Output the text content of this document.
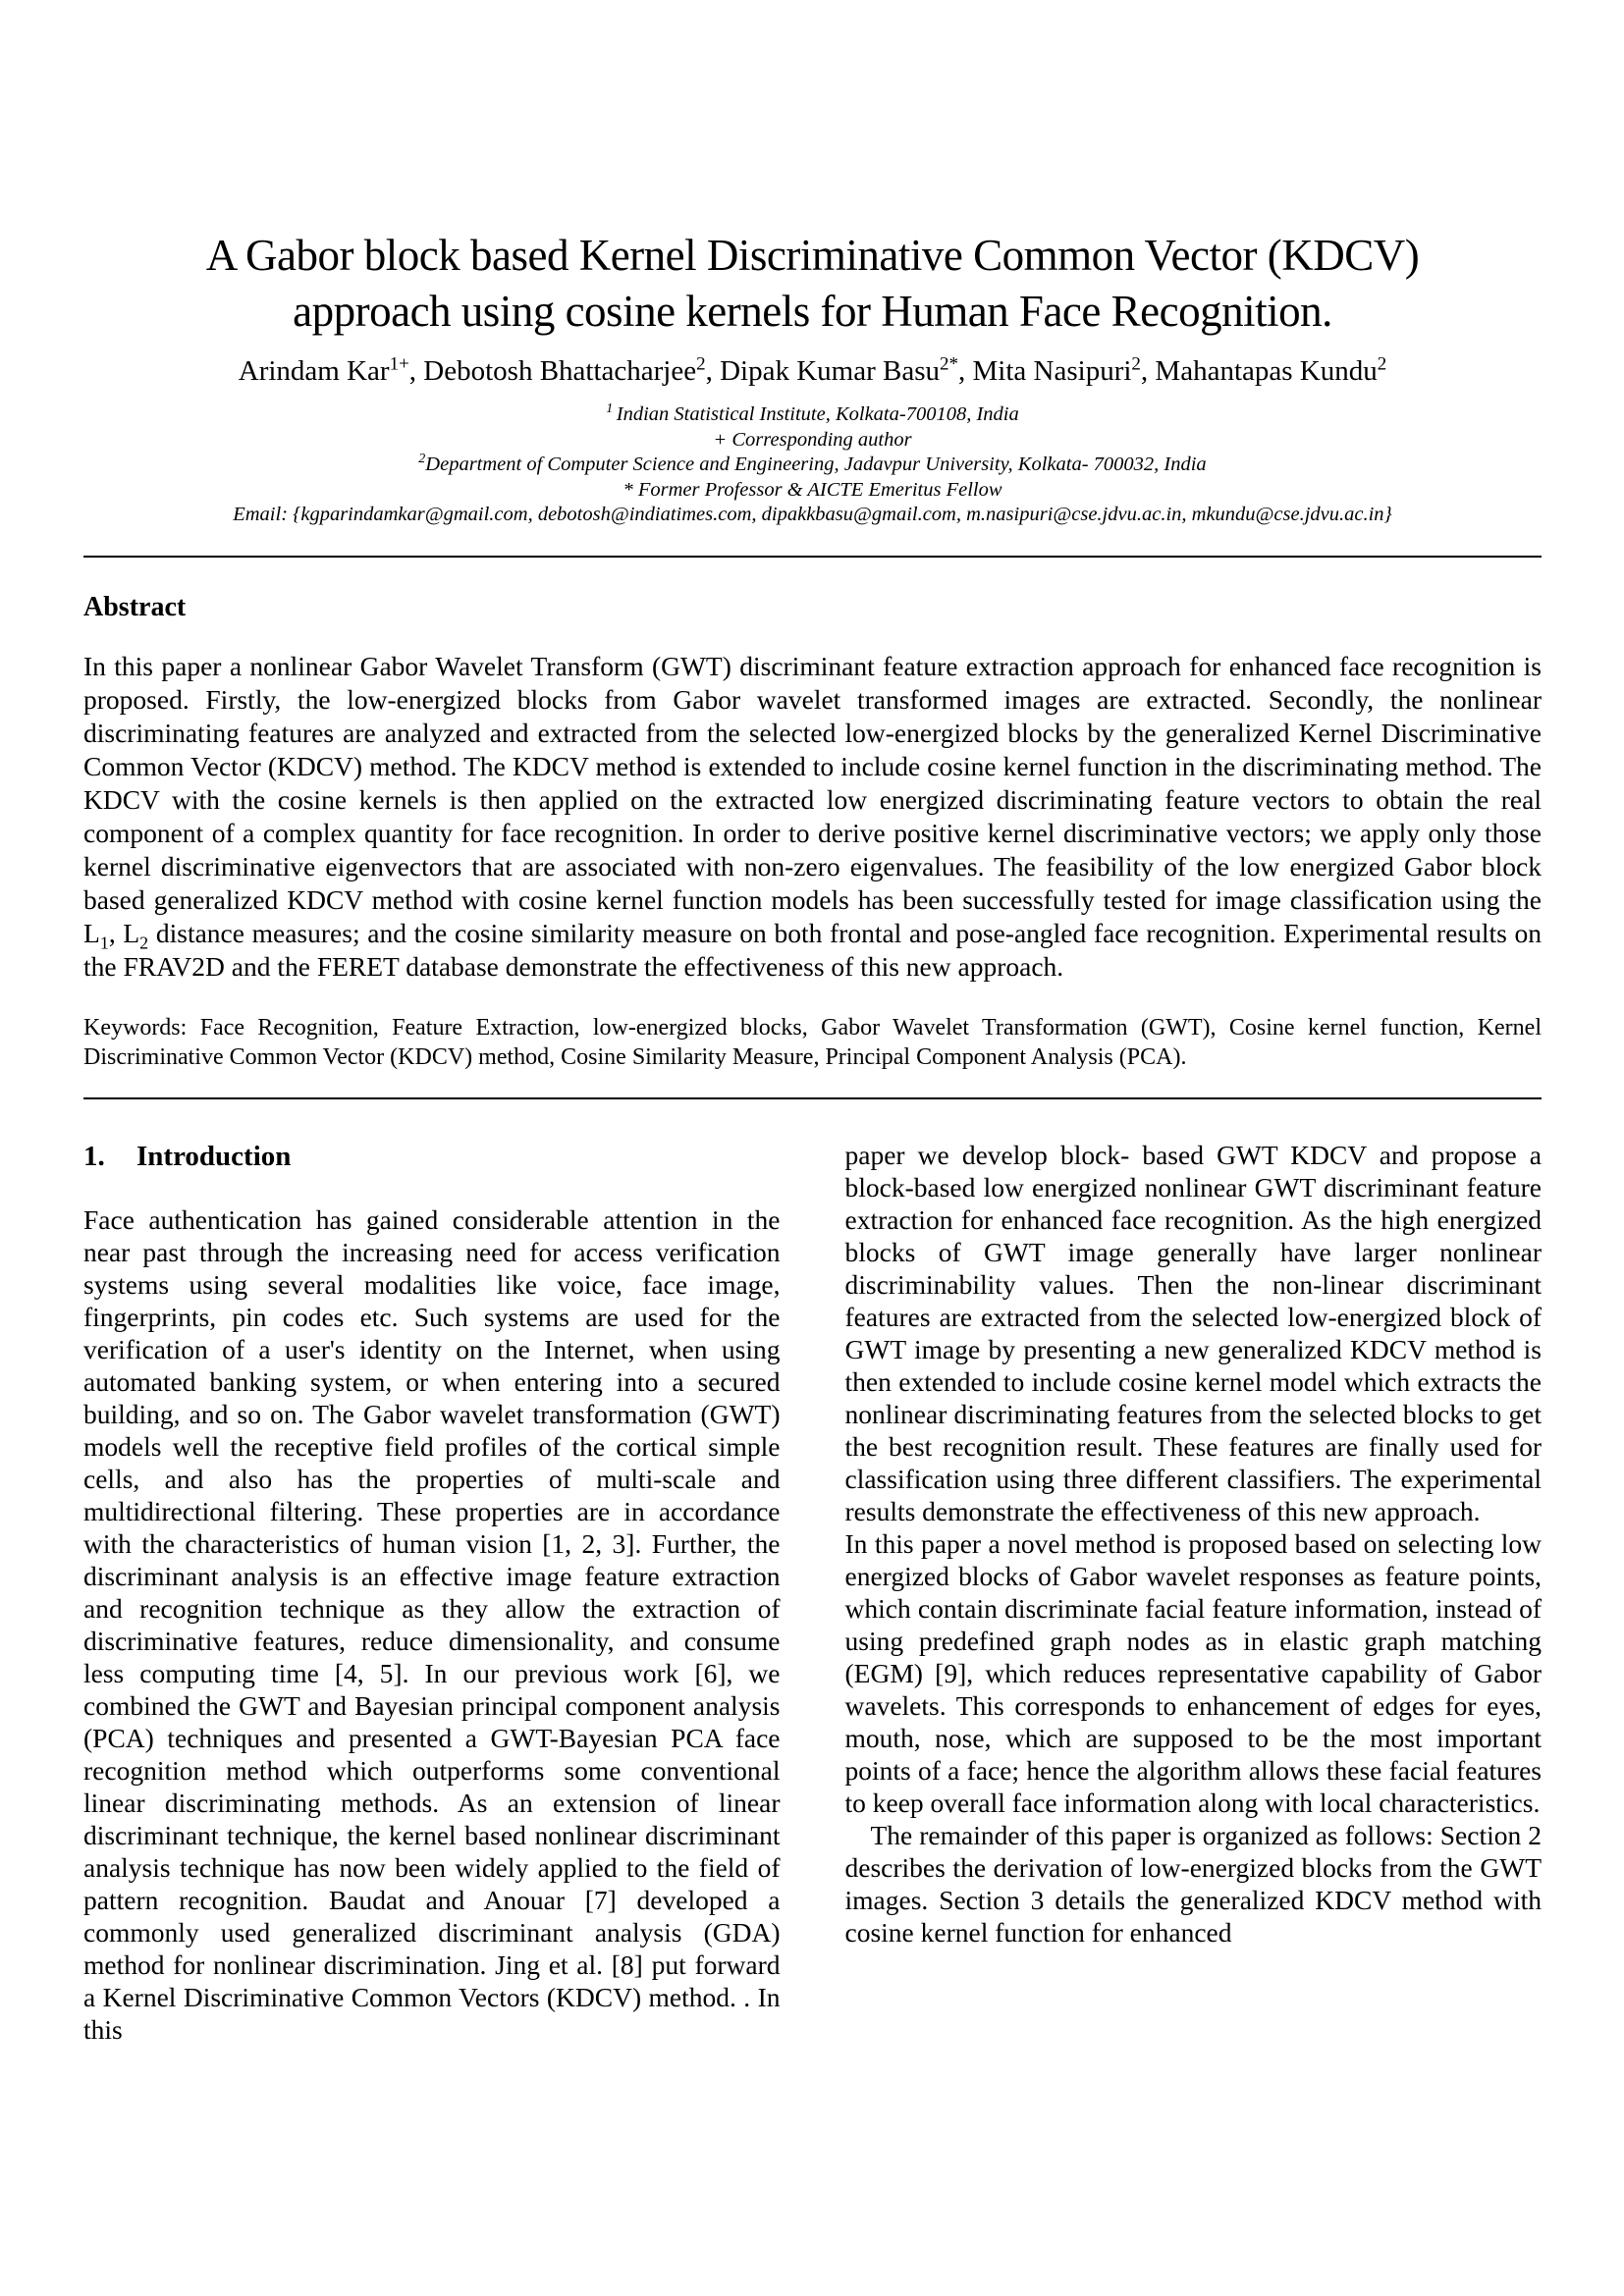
A Gabor block based Kernel Discriminative Common Vector (KDCV)
approach using cosine kernels for Human Face Recognition.
Arindam Kar$^{1+}$, Debotosh Bhattacharjee$^2$, Dipak Kumar Basu$^{2*}$, Mita Nasipuri$^2$, Mahantapas Kundu$^2$
$^1$ Indian Statistical Institute, Kolkata-700108, India
+ Corresponding author
$^2$Department of Computer Science and Engineering, Jadavpur University, Kolkata- 700032, India
* Former Professor & AICTE Emeritus Fellow
Email: {kgparindamkar@gmail.com, debotosh@indiatimes.com, dipakkbasu@gmail.com, m.nasipuri@cse.jdvu.ac.in, mkundu@cse.jdvu.ac.in}
Abstract
In this paper a nonlinear Gabor Wavelet Transform (GWT) discriminant feature extraction approach for enhanced face recognition is proposed. Firstly, the low-energized blocks from Gabor wavelet transformed images are extracted. Secondly, the nonlinear discriminating features are analyzed and extracted from the selected low-energized blocks by the generalized Kernel Discriminative Common Vector (KDCV) method. The KDCV method is extended to include cosine kernel function in the discriminating method. The KDCV with the cosine kernels is then applied on the extracted low energized discriminating feature vectors to obtain the real component of a complex quantity for face recognition. In order to derive positive kernel discriminative vectors; we apply only those kernel discriminative eigenvectors that are associated with non-zero eigenvalues. The feasibility of the low energized Gabor block based generalized KDCV method with cosine kernel function models has been successfully tested for image classification using the $L_1$, $L_2$ distance measures; and the cosine similarity measure on both frontal and pose-angled face recognition. Experimental results on the FRAV2D and the FERET database demonstrate the effectiveness of this new approach.
Keywords: Face Recognition, Feature Extraction, low-energized blocks, Gabor Wavelet Transformation (GWT), Cosine kernel function, Kernel Discriminative Common Vector (KDCV) method, Cosine Similarity Measure, Principal Component Analysis (PCA).
1. Introduction

Face authentication has gained considerable attention in the near past through the increasing need for access verification systems using several modalities like voice, face image, fingerprints, pin codes etc. Such systems are used for the verification of a user's identity on the Internet, when using automated banking system, or when entering into a secured building, and so on. The Gabor wavelet transformation (GWT) models well the receptive field profiles of the cortical simple cells, and also has the properties of multi-scale and multidirectional filtering. These properties are in accordance with the characteristics of human vision [1, 2, 3]. Further, the discriminant analysis is an effective image feature extraction and recognition technique as they allow the extraction of discriminative features, reduce dimensionality, and consume less computing time [4, 5]. In our previous work [6], we combined the GWT and Bayesian principal component analysis (PCA) techniques and presented a GWT-Bayesian PCA face recognition method which outperforms some conventional linear discriminating methods. As an extension of linear discriminant technique, the kernel based nonlinear discriminant analysis technique has now been widely applied to the field of pattern recognition. Baudat and Anouar [7] developed a commonly used generalized discriminant analysis (GDA) method for nonlinear discrimination. Jing et al. [8] put forward a Kernel Discriminative Common Vectors (KDCV) method. . In this

paper we develop block- based GWT KDCV and propose a block-based low energized nonlinear GWT discriminant feature extraction for enhanced face recognition. As the high energized blocks of GWT image generally have larger nonlinear discriminability values. Then the non-linear discriminant features are extracted from the selected low-energized block of GWT image by presenting a new generalized KDCV method is then extended to include cosine kernel model which extracts the nonlinear discriminating features from the selected blocks to get the best recognition result. These features are finally used for classification using three different classifiers. The experimental results demonstrate the effectiveness of this new approach.

In this paper a novel method is proposed based on selecting low energized blocks of Gabor wavelet responses as feature points, which contain discriminate facial feature information, instead of using predefined graph nodes as in elastic graph matching (EGM) [9], which reduces representative capability of Gabor wavelets. This corresponds to enhancement of edges for eyes, mouth, nose, which are supposed to be the most important points of a face; hence the algorithm allows these facial features to keep overall face information along with local characteristics.

The remainder of this paper is organized as follows: Section 2 describes the derivation of low-energized blocks from the GWT images. Section 3 details the generalized KDCV method with cosine kernel function for enhanced
